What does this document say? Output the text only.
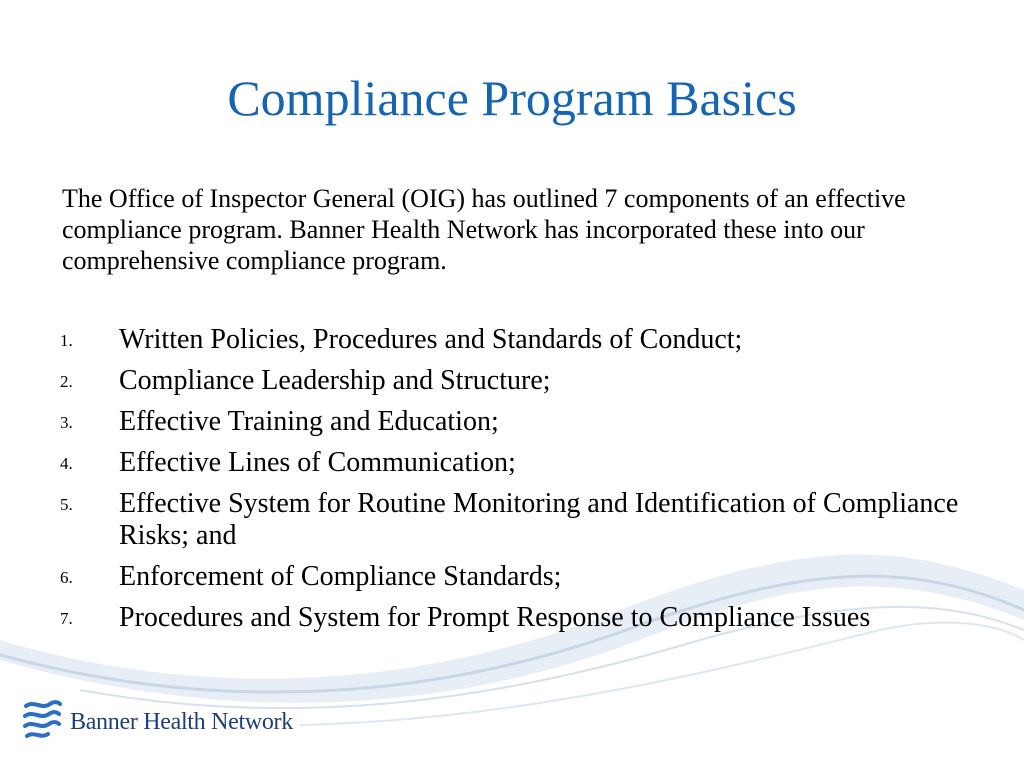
Compliance Program Basics

The Office of Inspector General (OIG) has outlined 7 components of an effective compliance program. Banner Health Network has incorporated these into our comprehensive compliance program.

1. Written Policies, Procedures and Standards of Conduct;
2. Compliance Leadership and Structure;
3. Effective Training and Education;
4. Effective Lines of Communication;
5. Effective System for Routine Monitoring and Identification of Compliance Risks; and
6. Enforcement of Compliance Standards;
7. Procedures and System for Prompt Response to Compliance Issues
Banner Health Network
